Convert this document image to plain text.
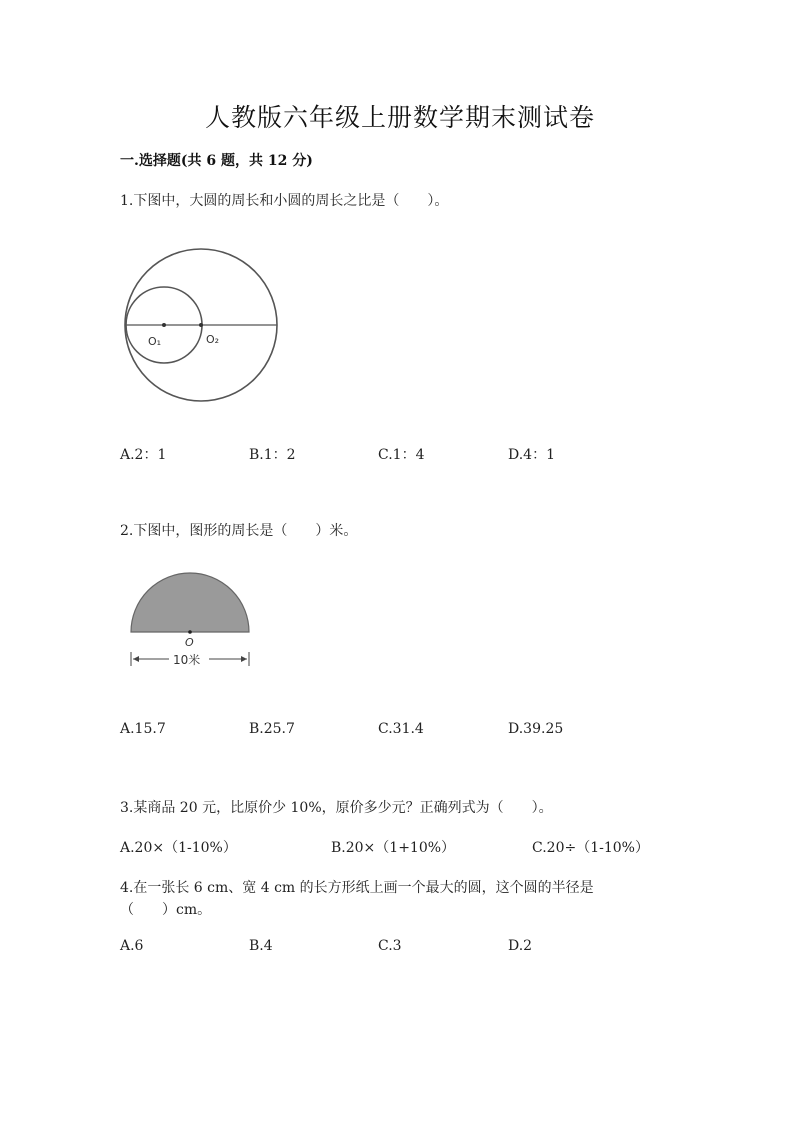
人教版六年级上册数学期末测试卷
一.选择题(共 6 题，共 12 分)
1.下图中，大圆的周长和小圆的周长之比是（　　）。
O₁	O₂
A.2：1	B.1：2	C.1：4	D.4：1
2.下图中，图形的周长是（　　）米。
O
10米
A.15.7	B.25.7	C.31.4	D.39.25
3.某商品 20 元，比原价少 10%，原价多少元？正确列式为（　　）。
A.20×（1-10%）	B.20×（1+10%）	C.20÷（1-10%）
4.在一张长 6 cm、宽 4 cm 的长方形纸上画一个最大的圆，这个圆的半径是
（　　）cm。
A.6	B.4	C.3	D.2
